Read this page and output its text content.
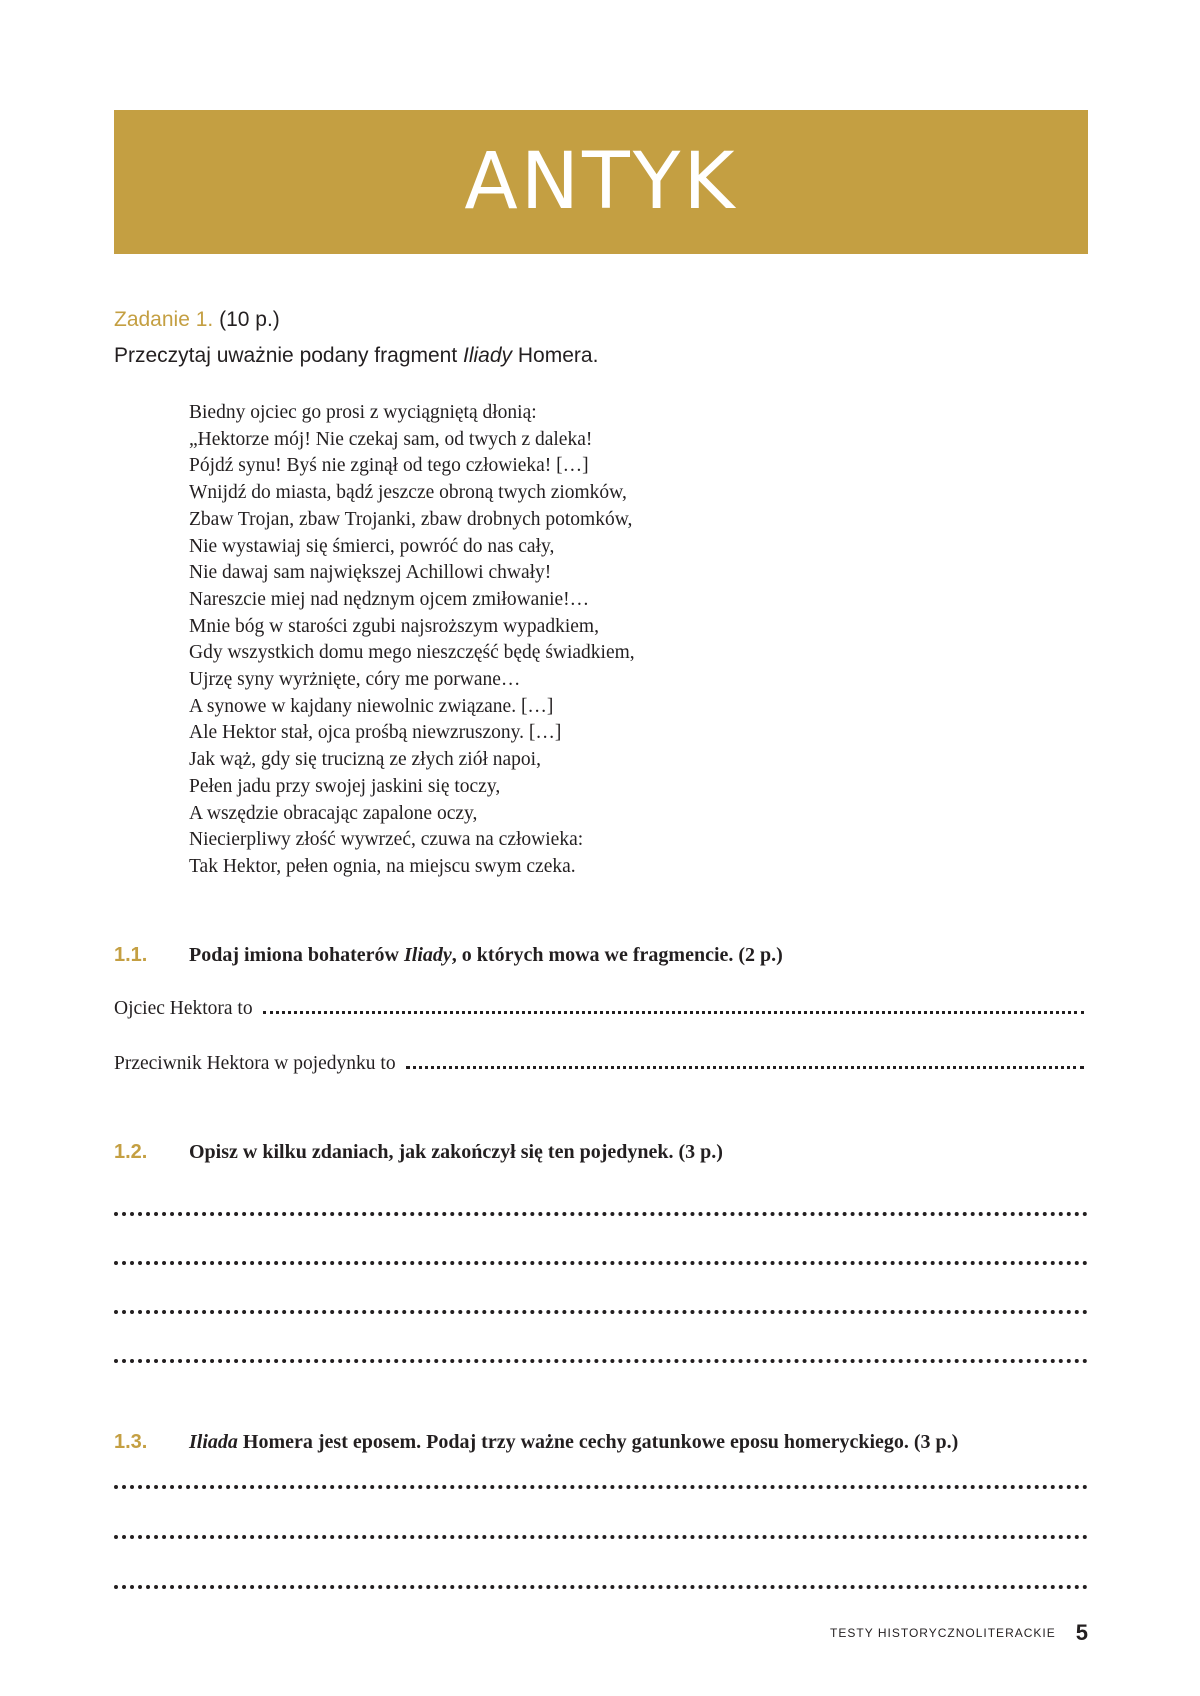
ANTYK
Zadanie 1. (10 p.)
Przeczytaj uważnie podany fragment Iliady Homera.
Biedny ojciec go prosi z wyciągniętą dłonią:
„Hektorze mój! Nie czekaj sam, od twych z daleka!
Pójdź synu! Byś nie zginął od tego człowieka! […]
Wnijdź do miasta, bądź jeszcze obroną twych ziomków,
Zbaw Trojan, zbaw Trojanki, zbaw drobnych potomków,
Nie wystawiaj się śmierci, powróć do nas cały,
Nie dawaj sam największej Achillowi chwały!
Nareszcie miej nad nędznym ojcem zmiłowanie!…
Mnie bóg w starości zgubi najsroższym wypadkiem,
Gdy wszystkich domu mego nieszczęść będę świadkiem,
Ujrzę syny wyrżnięte, córy me porwane…
A synowe w kajdany niewolnic związane. […]
Ale Hektor stał, ojca prośbą niewzruszony. […]
Jak wąż, gdy się trucizną ze złych ziół napoi,
Pełen jadu przy swojej jaskini się toczy,
A wszędzie obracając zapalone oczy,
Niecierpliwy złość wywrzeć, czuwa na człowieka:
Tak Hektor, pełen ognia, na miejscu swym czeka.
1.1. Podaj imiona bohaterów Iliady, o których mowa we fragmencie. (2 p.)
Ojciec Hektora to
Przeciwnik Hektora w pojedynku to
1.2. Opisz w kilku zdaniach, jak zakończył się ten pojedynek. (3 p.)
1.3. Iliada Homera jest eposem. Podaj trzy ważne cechy gatunkowe eposu homeryckiego. (3 p.)
TESTY HISTORYCZNOLITERACKIE 5
